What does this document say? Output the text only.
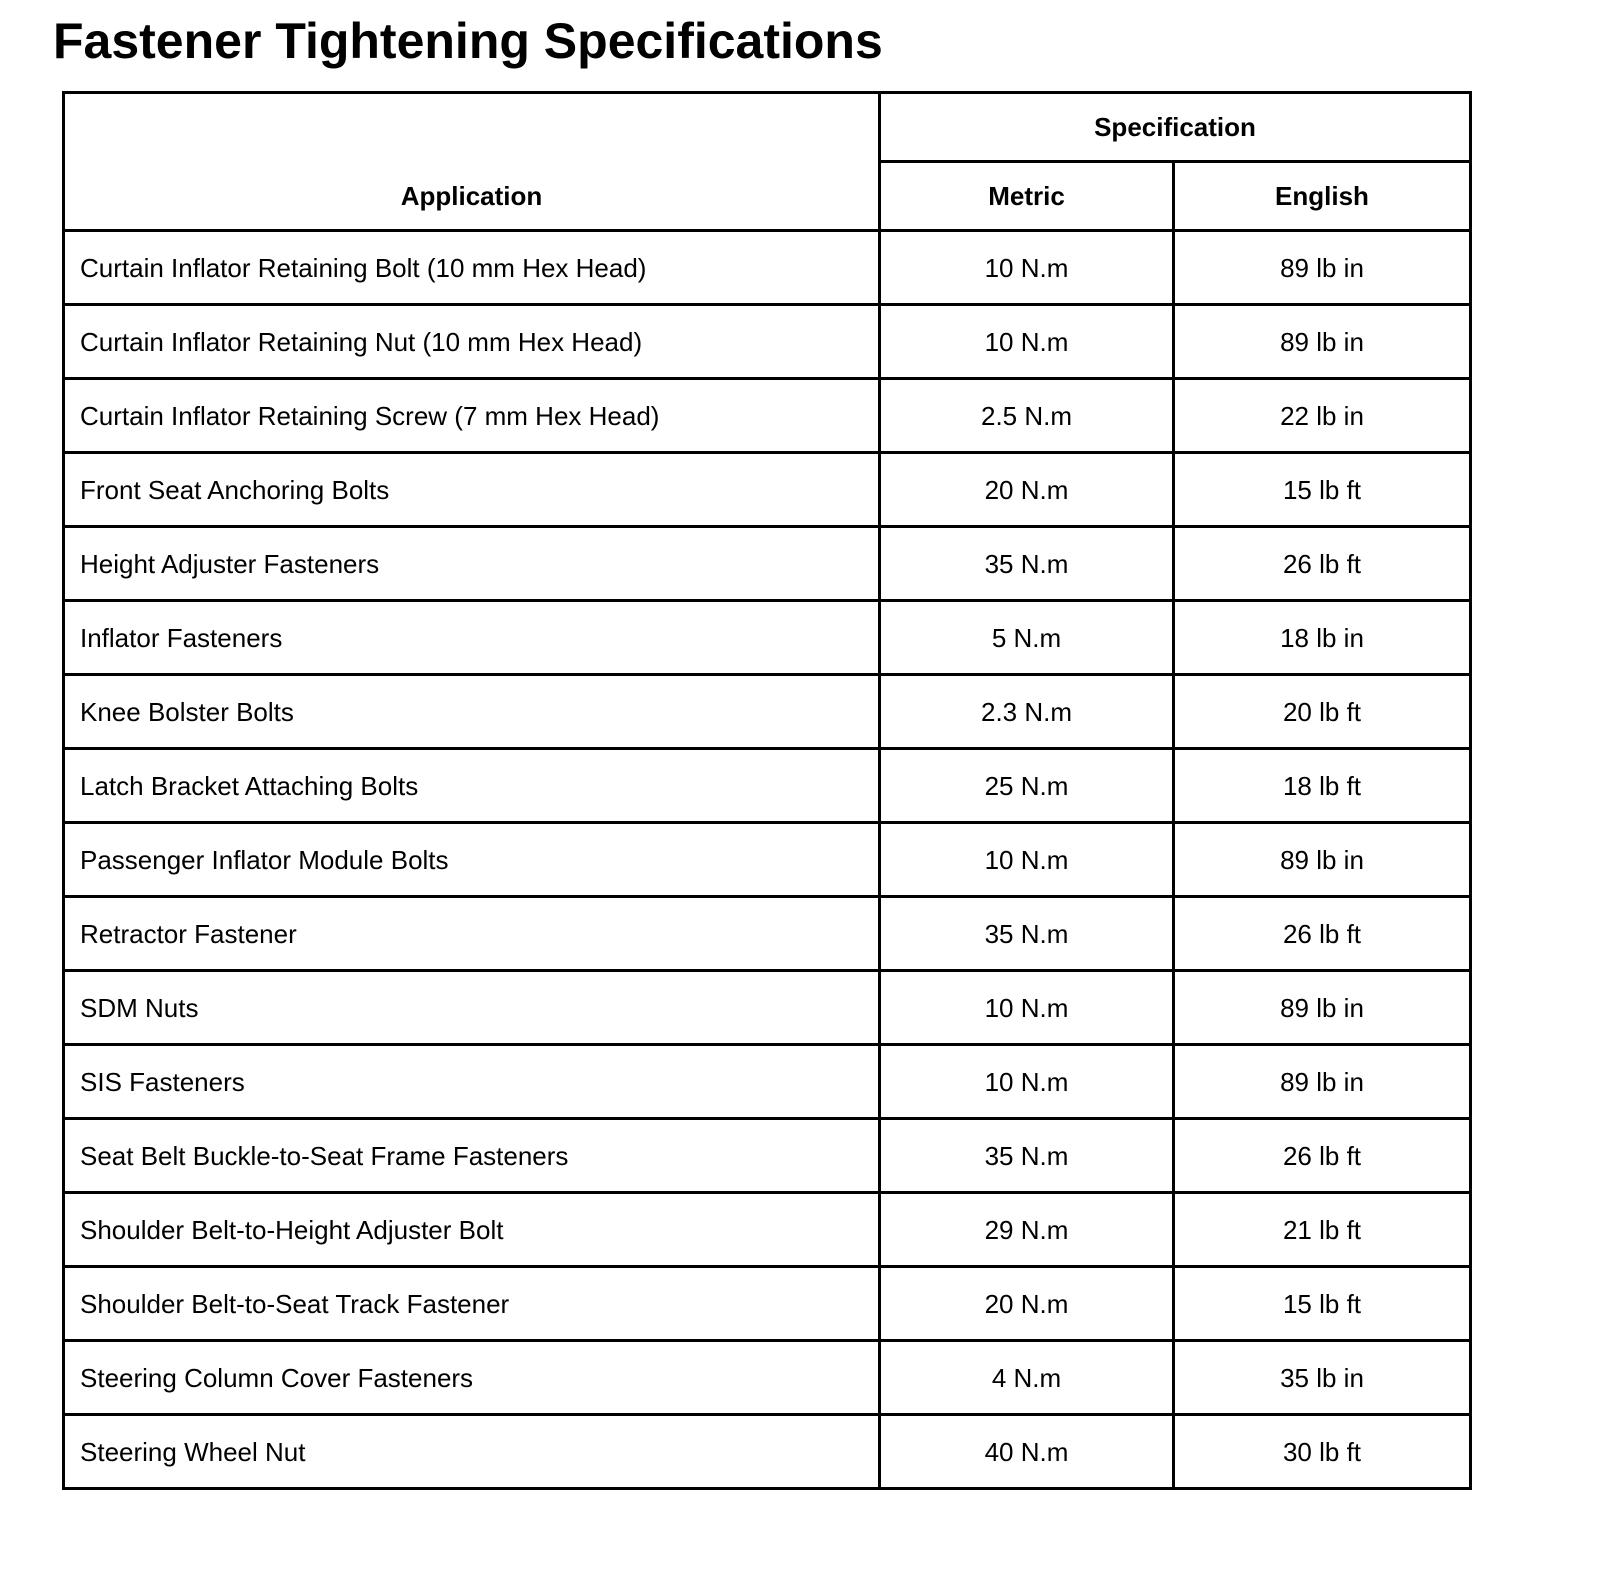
Fastener Tightening Specifications
Application	Specification	
	Metric	English
Curtain Inflator Retaining Bolt (10 mm Hex Head)	10 N.m	89 lb in
Curtain Inflator Retaining Nut (10 mm Hex Head)	10 N.m	89 lb in
Curtain Inflator Retaining Screw (7 mm Hex Head)	2.5 N.m	22 lb in
Front Seat Anchoring Bolts	20 N.m	15 lb ft
Height Adjuster Fasteners	35 N.m	26 lb ft
Inflator Fasteners	5 N.m	18 lb in
Knee Bolster Bolts	2.3 N.m	20 lb ft
Latch Bracket Attaching Bolts	25 N.m	18 lb ft
Passenger Inflator Module Bolts	10 N.m	89 lb in
Retractor Fastener	35 N.m	26 lb ft
SDM Nuts	10 N.m	89 lb in
SIS Fasteners	10 N.m	89 lb in
Seat Belt Buckle-to-Seat Frame Fasteners	35 N.m	26 lb ft
Shoulder Belt-to-Height Adjuster Bolt	29 N.m	21 lb ft
Shoulder Belt-to-Seat Track Fastener	20 N.m	15 lb ft
Steering Column Cover Fasteners	4 N.m	35 lb in
Steering Wheel Nut	40 N.m	30 lb ft
